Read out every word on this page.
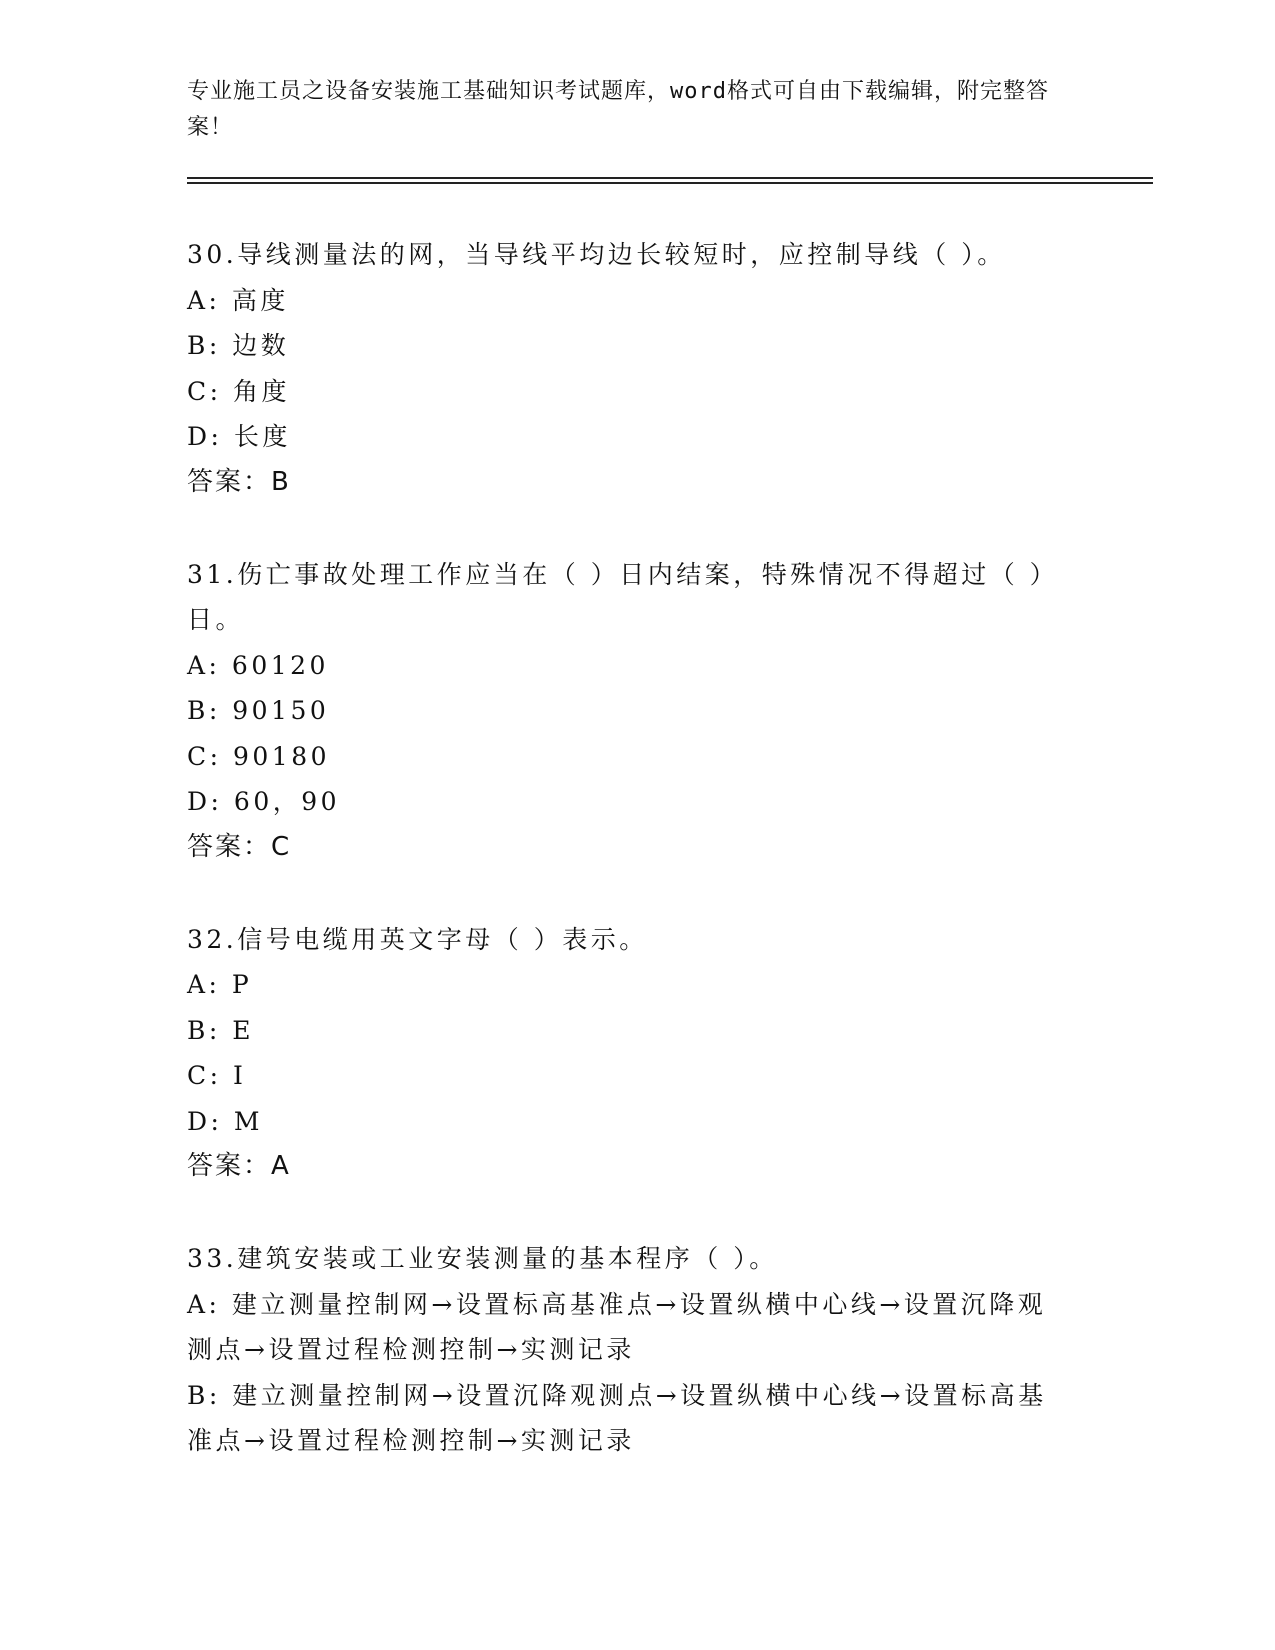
专业施工员之设备安装施工基础知识考试题库，word格式可自由下载编辑，附完整答案！
30.导线测量法的网，当导线平均边长较短时，应控制导线（ ）。
A: 高度
B: 边数
C: 角度
D: 长度
答案：B
31.伤亡事故处理工作应当在（ ）日内结案，特殊情况不得超过（ ）日。
A: 60120
B: 90150
C: 90180
D: 60，90
答案：C
32.信号电缆用英文字母（ ）表示。
A: P
B: E
C: I
D: M
答案：A
33.建筑安装或工业安装测量的基本程序（ ）。
A: 建立测量控制网→设置标高基准点→设置纵横中心线→设置沉降观测点→设置过程检测控制→实测记录
B: 建立测量控制网→设置沉降观测点→设置纵横中心线→设置标高基准点→设置过程检测控制→实测记录
